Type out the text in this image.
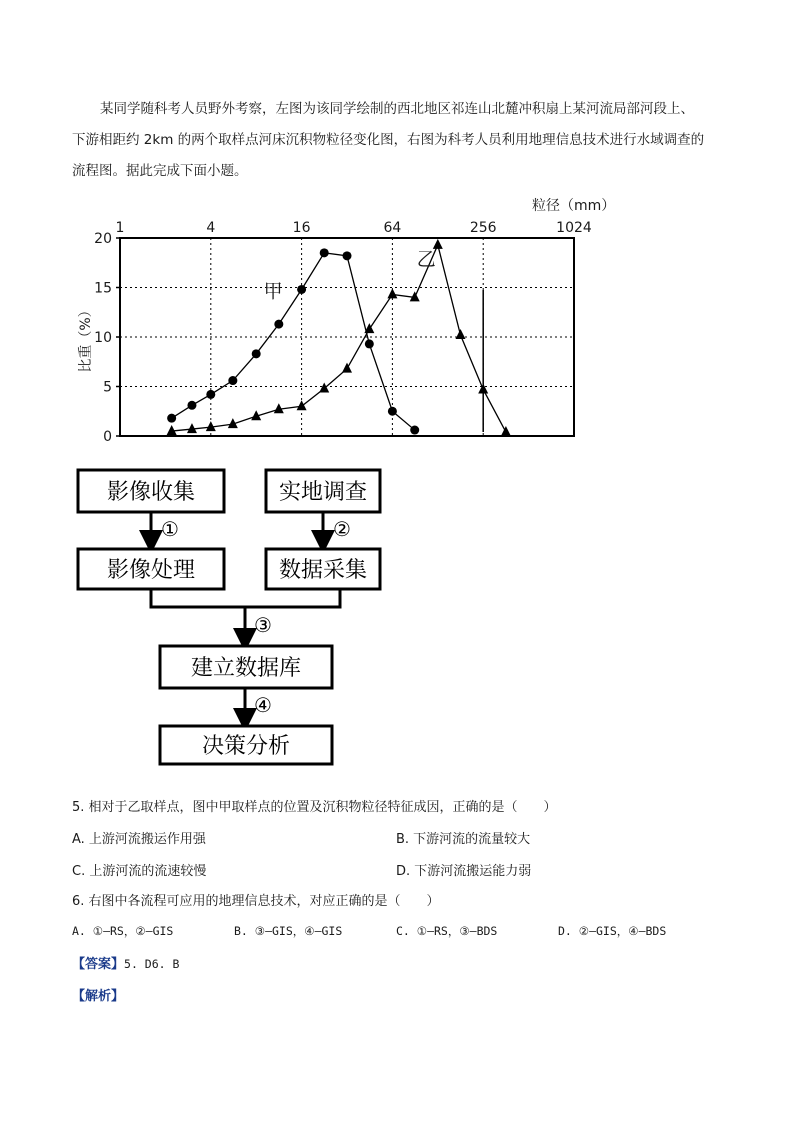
某同学随科考人员野外考察，左图为该同学绘制的西北地区祁连山北麓冲积扇上某河流局部河段上、

下游相距约 2km 的两个取样点河床沉积物粒径变化图，右图为科考人员利用地理信息技术进行水域调查的

流程图。据此完成下面小题。

1	4	16	64	256	1024
0
5
10
15
20
甲
乙
粒径（mm）
比重（%）
影像收集	实地调查
①	②
影像处理	数据采集
③
建立数据库
④
决策分析
5. 相对于乙取样点，图中甲取样点的位置及沉积物粒径特征成因，正确的是（　　）
A. 上游河流搬运作用强	B. 下游河流的流量较大
C. 上游河流的流速较慢	D. 下游河流搬运能力弱
6. 右图中各流程可应用的地理信息技术，对应正确的是（　　）
A. ①—RS，②—GIS	B. ③—GIS，④—GIS	C. ①—RS，③—BDS	D. ②—GIS，④—BDS
【答案】5. D6. B
【解析】
